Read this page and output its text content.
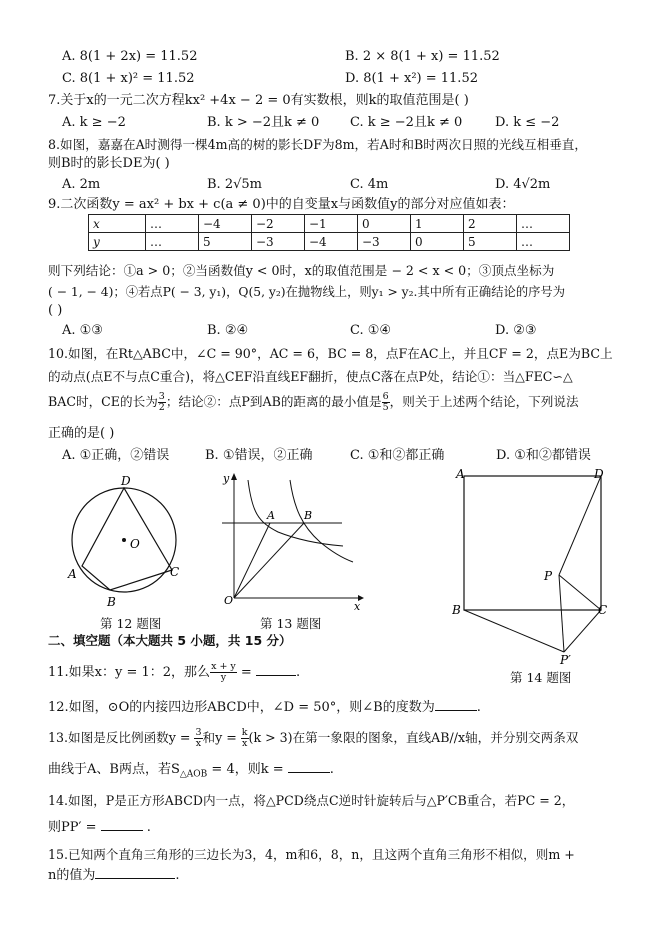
A. 8(1 + 2x) = 11.52	B. 2 × 8(1 + x) = 11.52
C. 8(1 + x)² = 11.52	D. 8(1 + x²) = 11.52
7.关于x的一元二次方程kx² +4x − 2 = 0有实数根，则k的取值范围是( )
A. k ≥ −2	B. k > −2且k ≠ 0 C. k ≥ −2且k ≠ 0	D. k ≤ −2
8.如图，嘉嘉在A时测得一棵4m高的树的影长DF为8m，若A时和B时两次日照的光线互相垂直，
则B时的影长DE为( )
A. 2m	B. 2√5m	C. 4m	D. 4√2m
9.二次函数y = ax² + bx + c(a ≠ 0)中的自变量x与函数值y的部分对应值如表：
x	…	−4	−2	−1	0	1	2	…
y	…	5	−3	−4	−3	0	5	…
则下列结论：①a > 0；②当函数值y < 0时，x的取值范围是 − 2 < x < 0；③顶点坐标为
( − 1, − 4)；④若点P( − 3, y₁)，Q(5, y₂)在抛物线上，则y₁ > y₂.其中所有正确结论的序号为
( )
A. ①③	B. ②④	C. ①④	D. ②③
10.如图，在Rt△ABC中，∠C = 90°，AC = 6，BC = 8，点F在AC上，并且CF = 2，点E为BC上
的动点(点E不与点C重合)，将△CEF沿直线EF翻折，使点C落在点P处，结论①：当△FEC∽△
BAC时，CE的长为 $\frac{3}{2}$ ；结论②：点P到AB的距离的最小值是 $\frac{6}{5}$ ，则关于上述两个结论，下列说法
正确的是( )
A. ①正确，②错误	B. ①错误，②正确	C. ①和②都正确	D. ①和②都错误
D
O
A	C
B
第 12 题图
y
A	B
O	x
第 13 题图
A	D
P
B	C
P′
第 14 题图
二、填空题（本大题共 5 小题，共 15 分）
11.如果x：y = 1：2，那么 $\frac{x + y}{y}$ =	.
12.如图，⊙O的内接四边形ABCD中，∠D = 50°，则∠B的度数为	.
13.如图是反比例函数$y = \frac{3}{x}$ 和$y = \frac{k}{x} (k > 3)$在第一象限的图象，直线AB//x轴，并分别交两条双
曲线于A、B两点，若$S_{\triangle AOB} = 4$，则k =	.
14.如图，P是正方形ABCD内一点，将△PCD绕点C逆时针旋转后与△P′CB重合，若PC = 2，
则PP′ =	.
15.已知两个直角三角形的三边长为3，4，m和6，8，n，且这两个直角三角形不相似，则m +
n的值为	.
